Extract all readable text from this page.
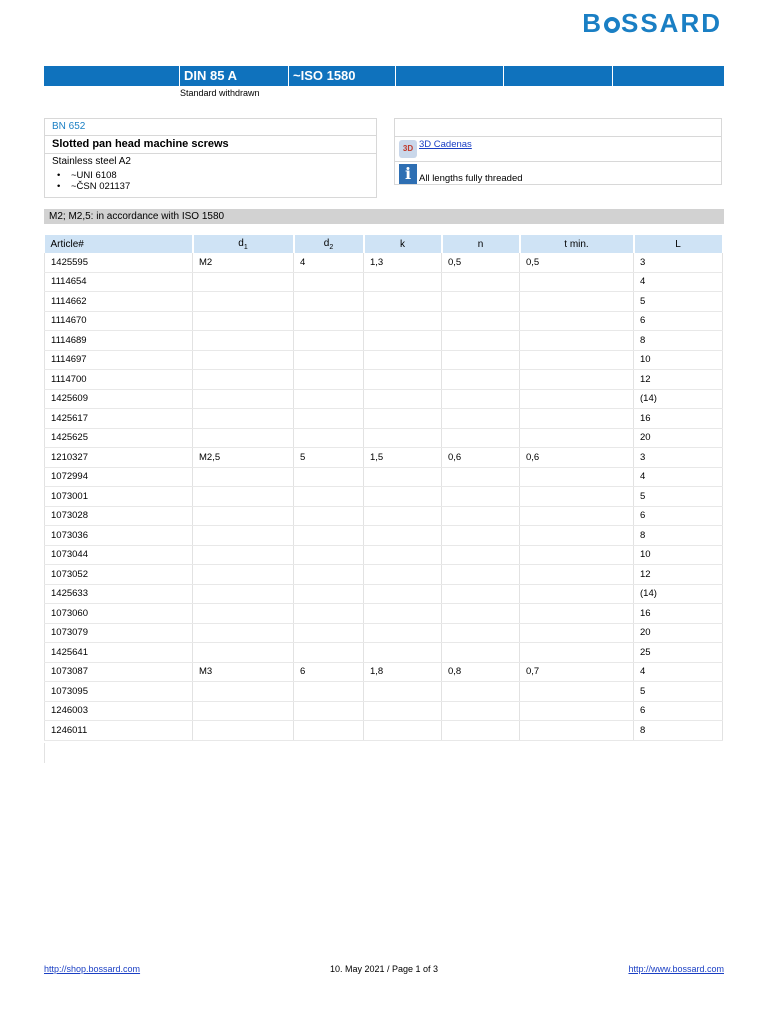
B SSARD
DIN 85 A	~ISO 1580
Standard withdrawn
BN 652
Slotted pan head machine screws
Stainless steel A2
• ~UNI 6108
• ~ČSN 021137
3D 3D Cadenas
i All lengths fully threaded
M2; M2,5: in accordance with ISO 1580
Article#	$d_1$	$d_2$	k	n	t min.	L
1425595	M2	4	1,3	0,5	0,5	3
1114654						4
1114662						5
1114670						6
1114689						8
1114697						10
1114700						12
1425609						(14)
1425617						16
1425625						20
1210327	M2,5	5	1,5	0,6	0,6	3
1072994						4
1073001						5
1073028						6
1073036						8
1073044						10
1073052						12
1425633						(14)
1073060						16
1073079						20
1425641						25
1073087	M3	6	1,8	0,8	0,7	4
1073095						5
1246003						6
1246011						8
http://shop.bossard.com	10. May 2021 / Page 1 of 3	http://www.bossard.com
